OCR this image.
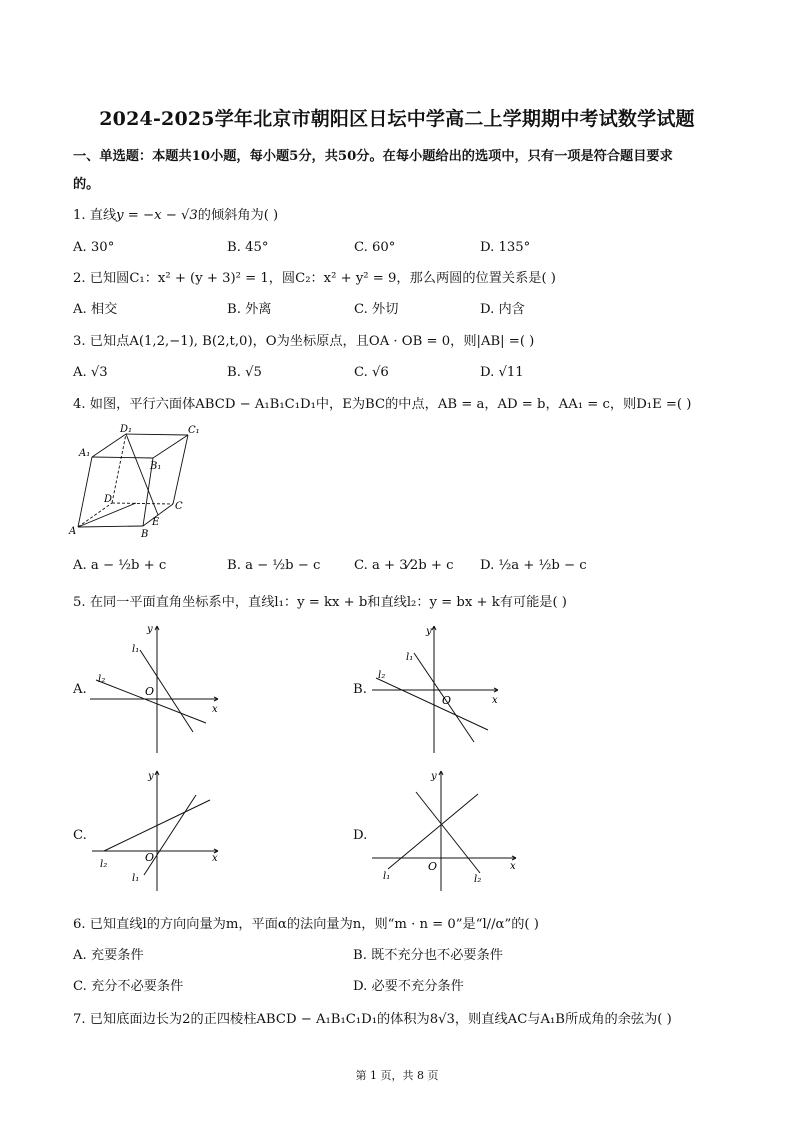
2024-2025学年北京市朝阳区日坛中学高二上学期期中考试数学试题
一、单选题：本题共10小题，每小题5分，共50分。在每小题给出的选项中，只有一项是符合题目要求
的。
1. 直线y = −x − √3的倾斜角为( )
A. 30°	B. 45°	C. 60°	D. 135°
2. 已知圆C₁：x² + (y + 3)² = 1，圆C₂：x² + y² = 9，那么两圆的位置关系是( )
A. 相交	B. 外离	C. 外切	D. 内含
3. 已知点A(1,2,−1), B(2,t,0)，O为坐标原点，且OA · OB = 0，则|AB| =( )
A. √3	B. √5	C. √6	D. √11
4. 如图，平行六面体ABCD − A₁B₁C₁D₁中，E为BC的中点，AB = a，AD = b，AA₁ = c，则D₁E =( )
D₁	C₁
A₁
B₁
D
C
A	B
E
A. a − ½b + c	B. a − ½b − c	C. a + 3⁄2b + c D. ½a + ½b − c
5. 在同一平面直角坐标系中，直线l₁：y = kx + b和直线l₂：y = bx + k有可能是( )
A.
y
x
O
l₁
l₂
B.
y
x
O
l₁
l₂
C.
y
x
O
l₁
l₂
D.
y
x
O
l₁	l₂
6. 已知直线l的方向向量为m，平面α的法向量为n，则“m · n = 0”是“l//α”的( )
A. 充要条件	B. 既不充分也不必要条件
C. 充分不必要条件	D. 必要不充分条件
7. 已知底面边长为2的正四棱柱ABCD − A₁B₁C₁D₁的体积为8√3，则直线AC与A₁B所成角的余弦为( )
第 1 页，共 8 页
